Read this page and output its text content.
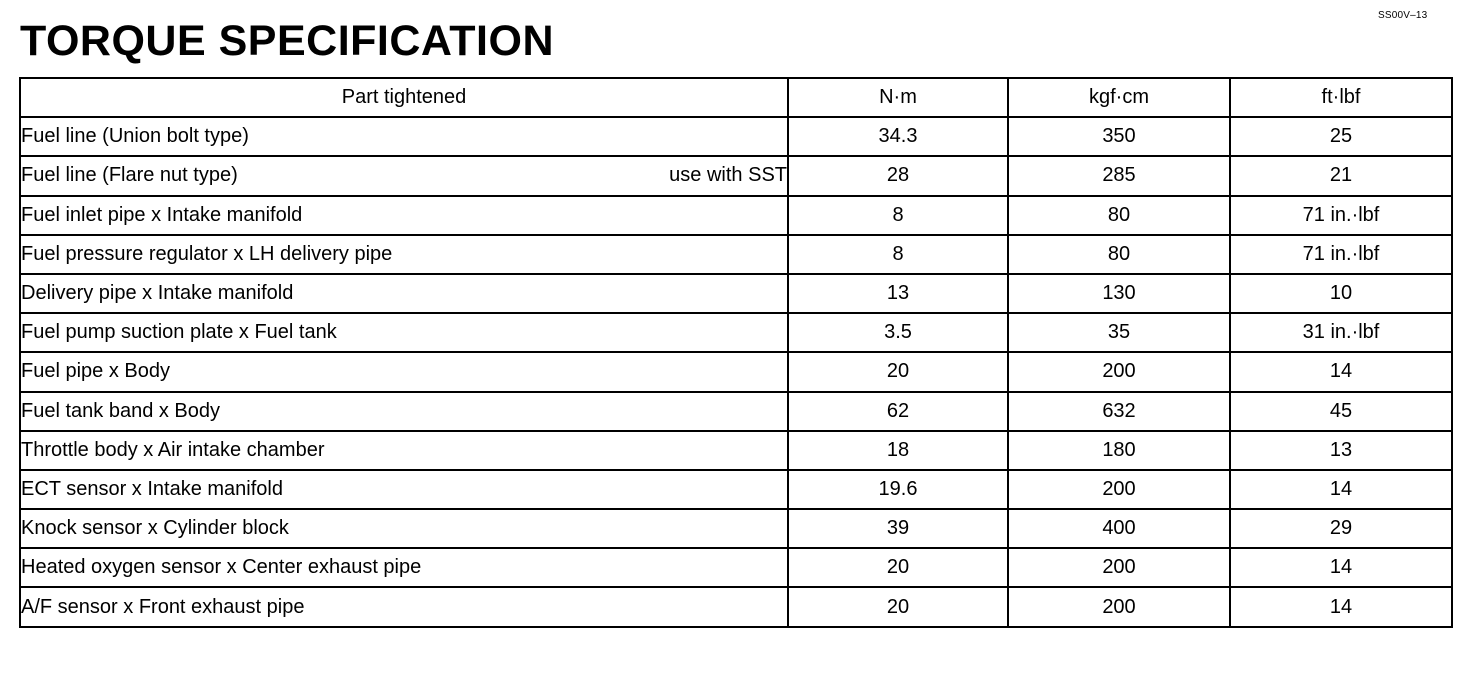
SS00V–13
TORQUE SPECIFICATION
Part tightened	N·m	kgf·cm	ft·lbf

Fuel line (Union bolt type)	34.3	350	25

Fuel line (Flare nut type) use with SST	28	285	21

Fuel inlet pipe x Intake manifold	8	80	71 in.·lbf

Fuel pressure regulator x LH delivery pipe	8	80	71 in.·lbf

Delivery pipe x Intake manifold	13	130	10

Fuel pump suction plate x Fuel tank	3.5	35	31 in.·lbf

Fuel pipe x Body	20	200	14

Fuel tank band x Body	62	632	45

Throttle body x Air intake chamber	18	180	13

ECT sensor x Intake manifold	19.6	200	14

Knock sensor x Cylinder block	39	400	29

Heated oxygen sensor x Center exhaust pipe	20	200	14

A/F sensor x Front exhaust pipe	20	200	14
